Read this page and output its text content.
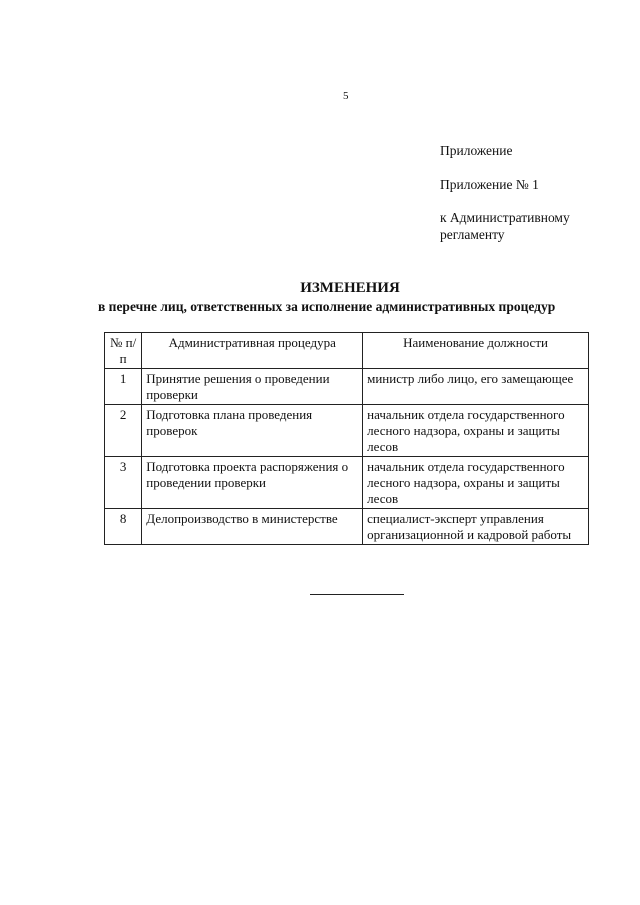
5
Приложение
Приложение № 1
к Административному регламенту
ИЗМЕНЕНИЯ
в перечне лиц, ответственных за исполнение административных процедур
№ п/п	Административная процедура	Наименование должности
1	Принятие решения о проведении проверки	министр либо лицо, его замещающее
2	Подготовка плана проведения проверок	начальник отдела государственного лесного надзора, охраны и защиты лесов
3	Подготовка проекта распоряжения о проведении проверки	начальник отдела государственного лесного надзора, охраны и защиты лесов
8	Делопроизводство в министерстве	специалист-эксперт управления организационной и кадровой работы
